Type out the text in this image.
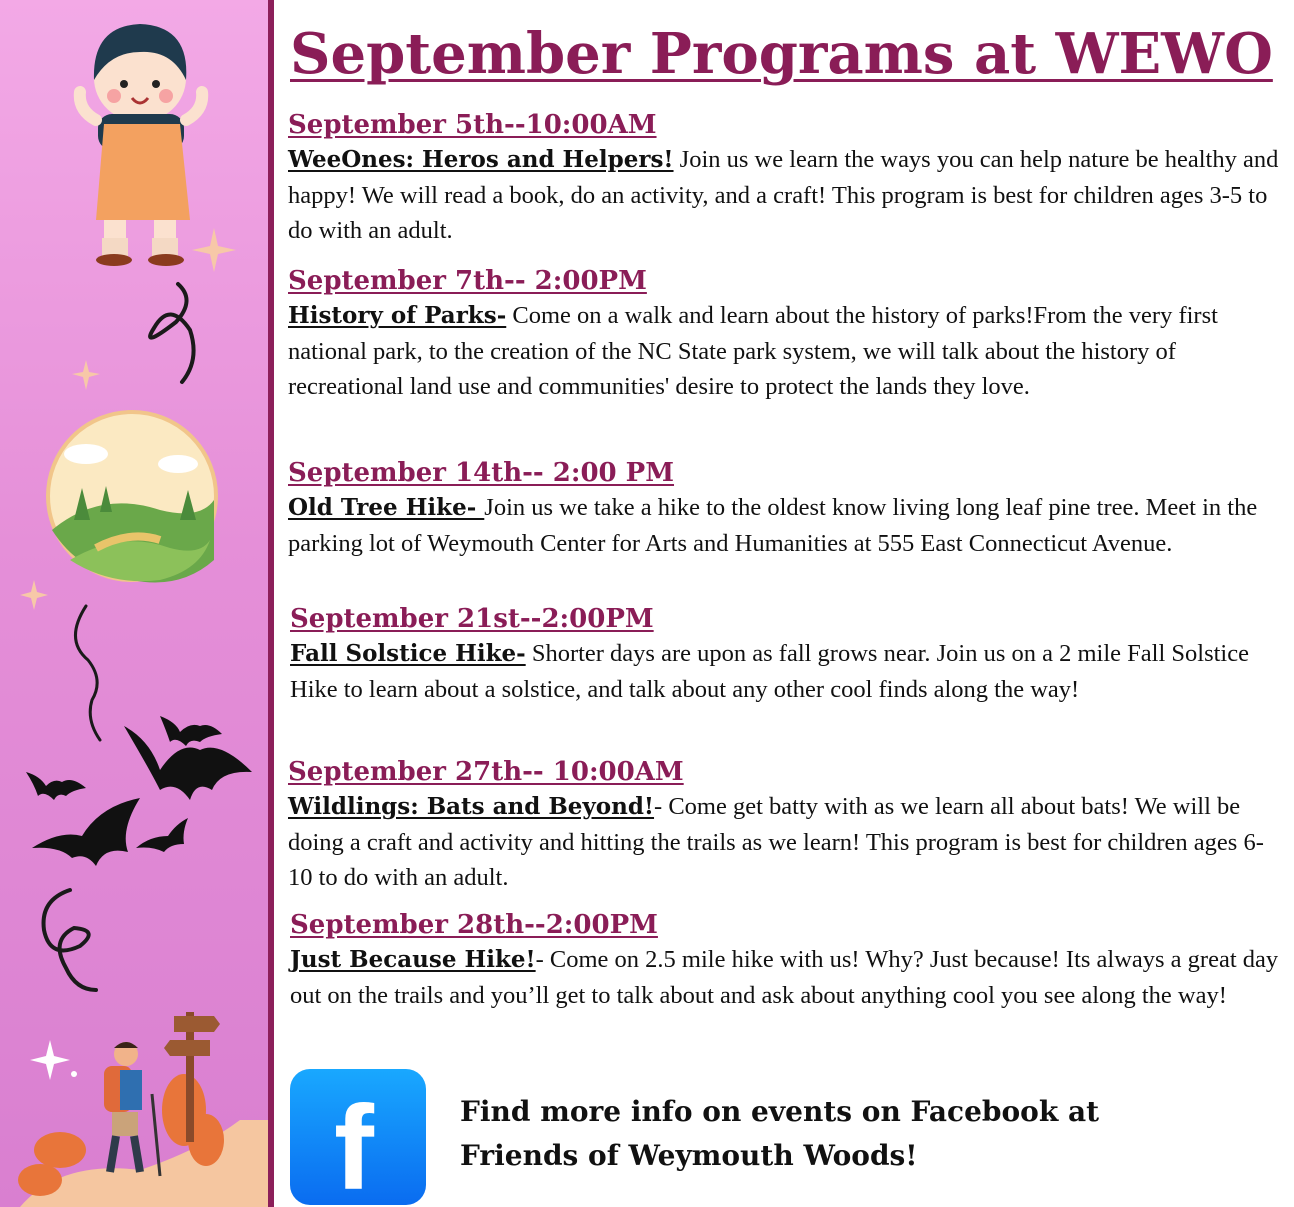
September Programs at WEWO
September 5th--10:00AM
WeeOnes: Heros and Helpers! Join us we learn the ways you can help nature be healthy and happy! We will read a book, do an activity, and a craft! This program is best for children ages 3-5 to do with an adult.
September 7th-- 2:00PM
History of Parks- Come on a walk and learn about the history of parks!From the very first national park, to the creation of the NC State park system, we will talk about the history of recreational land use and communities' desire to protect the lands they love.
September 14th-- 2:00 PM
Old Tree Hike- Join us we take a hike to the oldest know living long leaf pine tree. Meet in the parking lot of Weymouth Center for Arts and Humanities at 555 East Connecticut Avenue.
September 21st--2:00PM
Fall Solstice Hike- Shorter days are upon as fall grows near. Join us on a 2 mile Fall Solstice Hike to learn about a solstice, and talk about any other cool finds along the way!
September 27th-- 10:00AM
Wildlings: Bats and Beyond!- Come get batty with as we learn all about bats! We will be doing a craft and activity and hitting the trails as we learn! This program is best for children ages 6-10 to do with an adult.
September 28th--2:00PM
Just Because Hike!- Come on 2.5 mile hike with us! Why? Just because! Its always a great day out on the trails and you’ll get to talk about and ask about anything cool you see along the way!
f	Find more info on events on Facebook at
Friends of Weymouth Woods!
